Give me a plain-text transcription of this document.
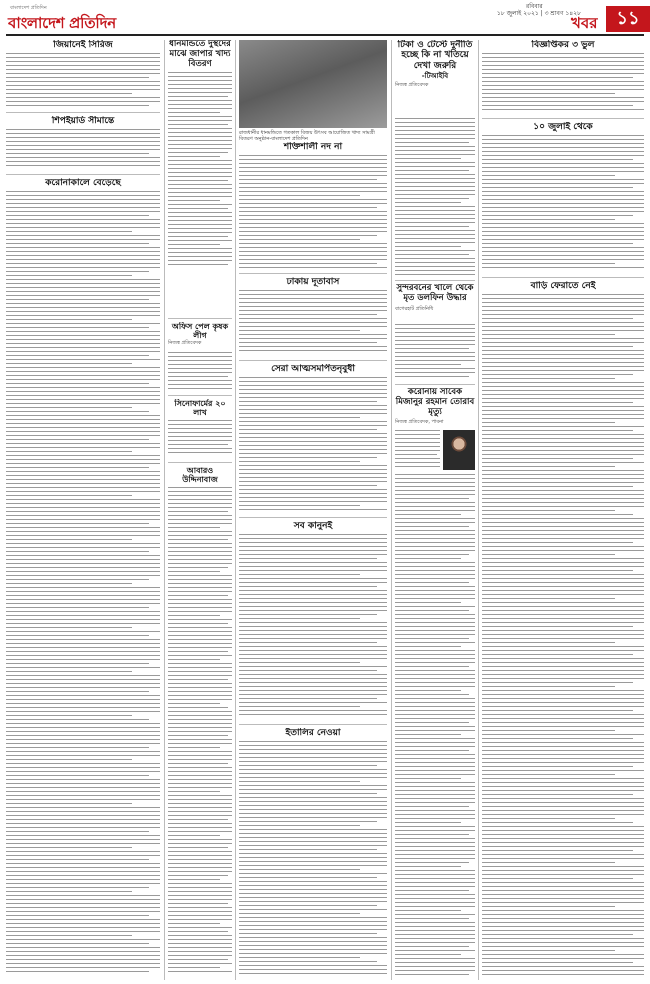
বাংলাদেশ প্রতিদিন
বাংলাদেশ প্রতিদিন
রবিবার
১৮ জুলাই ২০২১ | ৩ শ্রাবণ ১৪২৮
খবর	১১
জিয়ানেই সিরিজ
শিপইয়ার্ড সীমান্তে
করোনাকালে বেড়েছে
ধানমন্ডিতে দুস্থদের মাঝে জাপার খাদ্য বিতরণ
অফিস পেল কৃষক লীগ
নিজস্ব প্রতিবেদক
সিনোফার্মের ২০ লাখ
আবারও উদ্দিনাবাজ
রাজধানীর ধানমন্ডিতে গতকাল বিজয় উৎসব আয়োজিত খাদ্য সামগ্রী বিতরণ অনুষ্ঠান-বাংলাদেশ প্রতিদিন
শক্তিশালী নদ না
ঢাকায় দূতাবাস
সেরা আত্মসমর্পিতনৃবুধী
সব কানুনই
ইতালির নেওয়া
টিকা ও টেস্টে দুর্নীতি হচ্ছে কি না খতিয়ে দেখা জরুরি
-টিআইবি
নিজস্ব প্রতিবেদক
সুন্দরবনের খালে থেকে মৃত ডলফিন উদ্ধার
বাগেরহাট প্রতিনিধি
করোনায় সাবেক মিজানুর রহমান তোরাব মৃত্যু
নিজস্ব প্রতিবেদক, পাবনা
বিজ্ঞপ্তিকর ৩ ভুল
১০ জুলাই থেকে
বাড়ি ফেরাতে নেই
